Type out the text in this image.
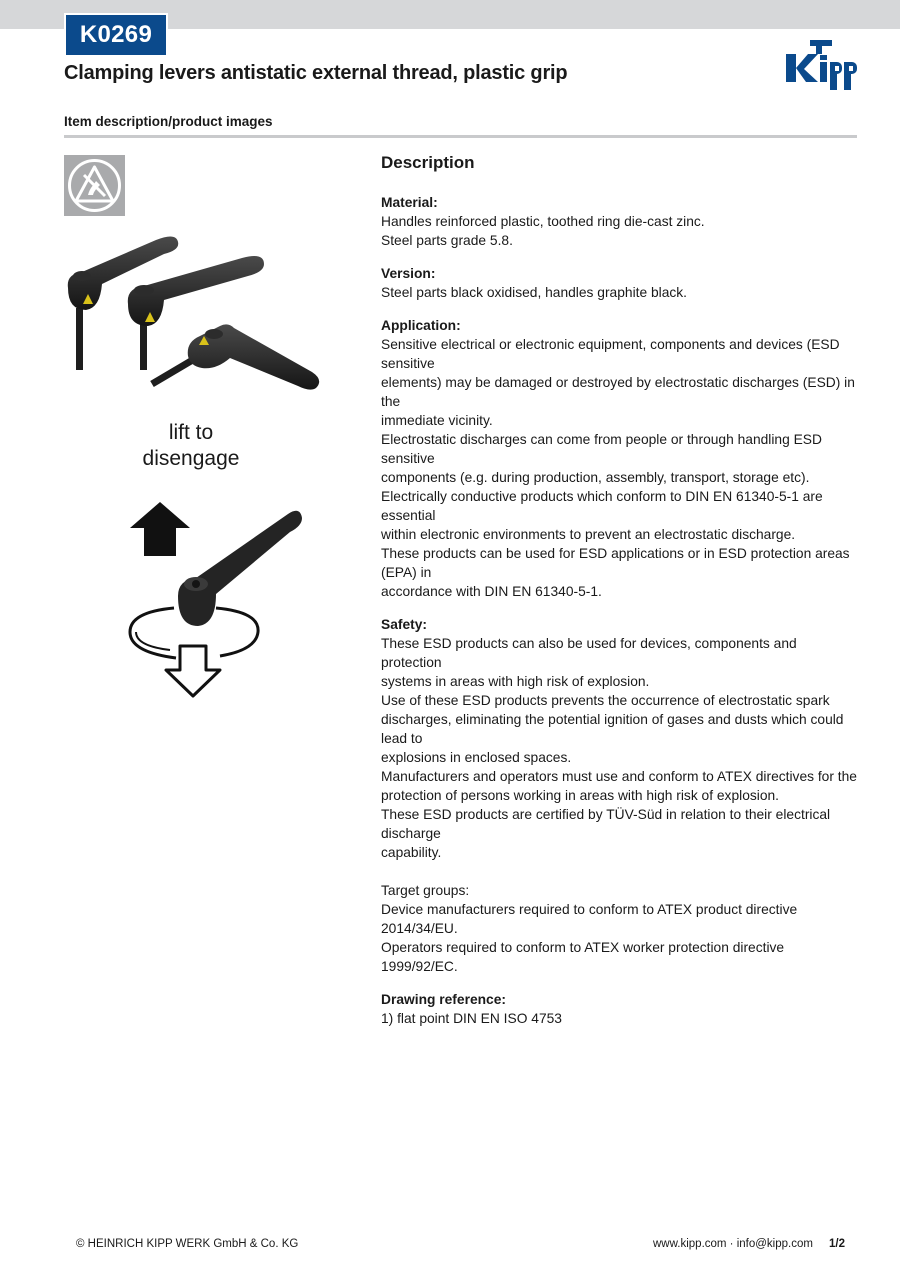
K0269
Clamping levers antistatic external thread, plastic grip
Item description/product images
lift to
disengage
Description
Material:
Handles reinforced plastic, toothed ring die-cast zinc.
Steel parts grade 5.8.
Version:
Steel parts black oxidised, handles graphite black.
Application:
Sensitive electrical or electronic equipment, components and devices (ESD sensitive
elements) may be damaged or destroyed by electrostatic discharges (ESD) in the
immediate vicinity.
Electrostatic discharges can come from people or through handling ESD sensitive
components (e.g. during production, assembly, transport, storage etc).
Electrically conductive products which conform to DIN EN 61340-5-1 are essential
within electronic environments to prevent an electrostatic discharge.
These products can be used for ESD applications or in ESD protection areas (EPA) in
accordance with DIN EN 61340-5-1.
Safety:
These ESD products can also be used for devices, components and protection
systems in areas with high risk of explosion.
Use of these ESD products prevents the occurrence of electrostatic spark
discharges, eliminating the potential ignition of gases and dusts which could lead to
explosions in enclosed spaces.
Manufacturers and operators must use and conform to ATEX directives for the
protection of persons working in areas with high risk of explosion.
These ESD products are certified by TÜV-Süd in relation to their electrical discharge
capability.
Target groups:
Device manufacturers required to conform to ATEX product directive 2014/34/EU.
Operators required to conform to ATEX worker protection directive 1999/92/EC.
Drawing reference:
1) flat point DIN EN ISO 4753
© HEINRICH KIPP WERK GmbH & Co. KG	www.kipp.com · info@kipp.com 1/2
